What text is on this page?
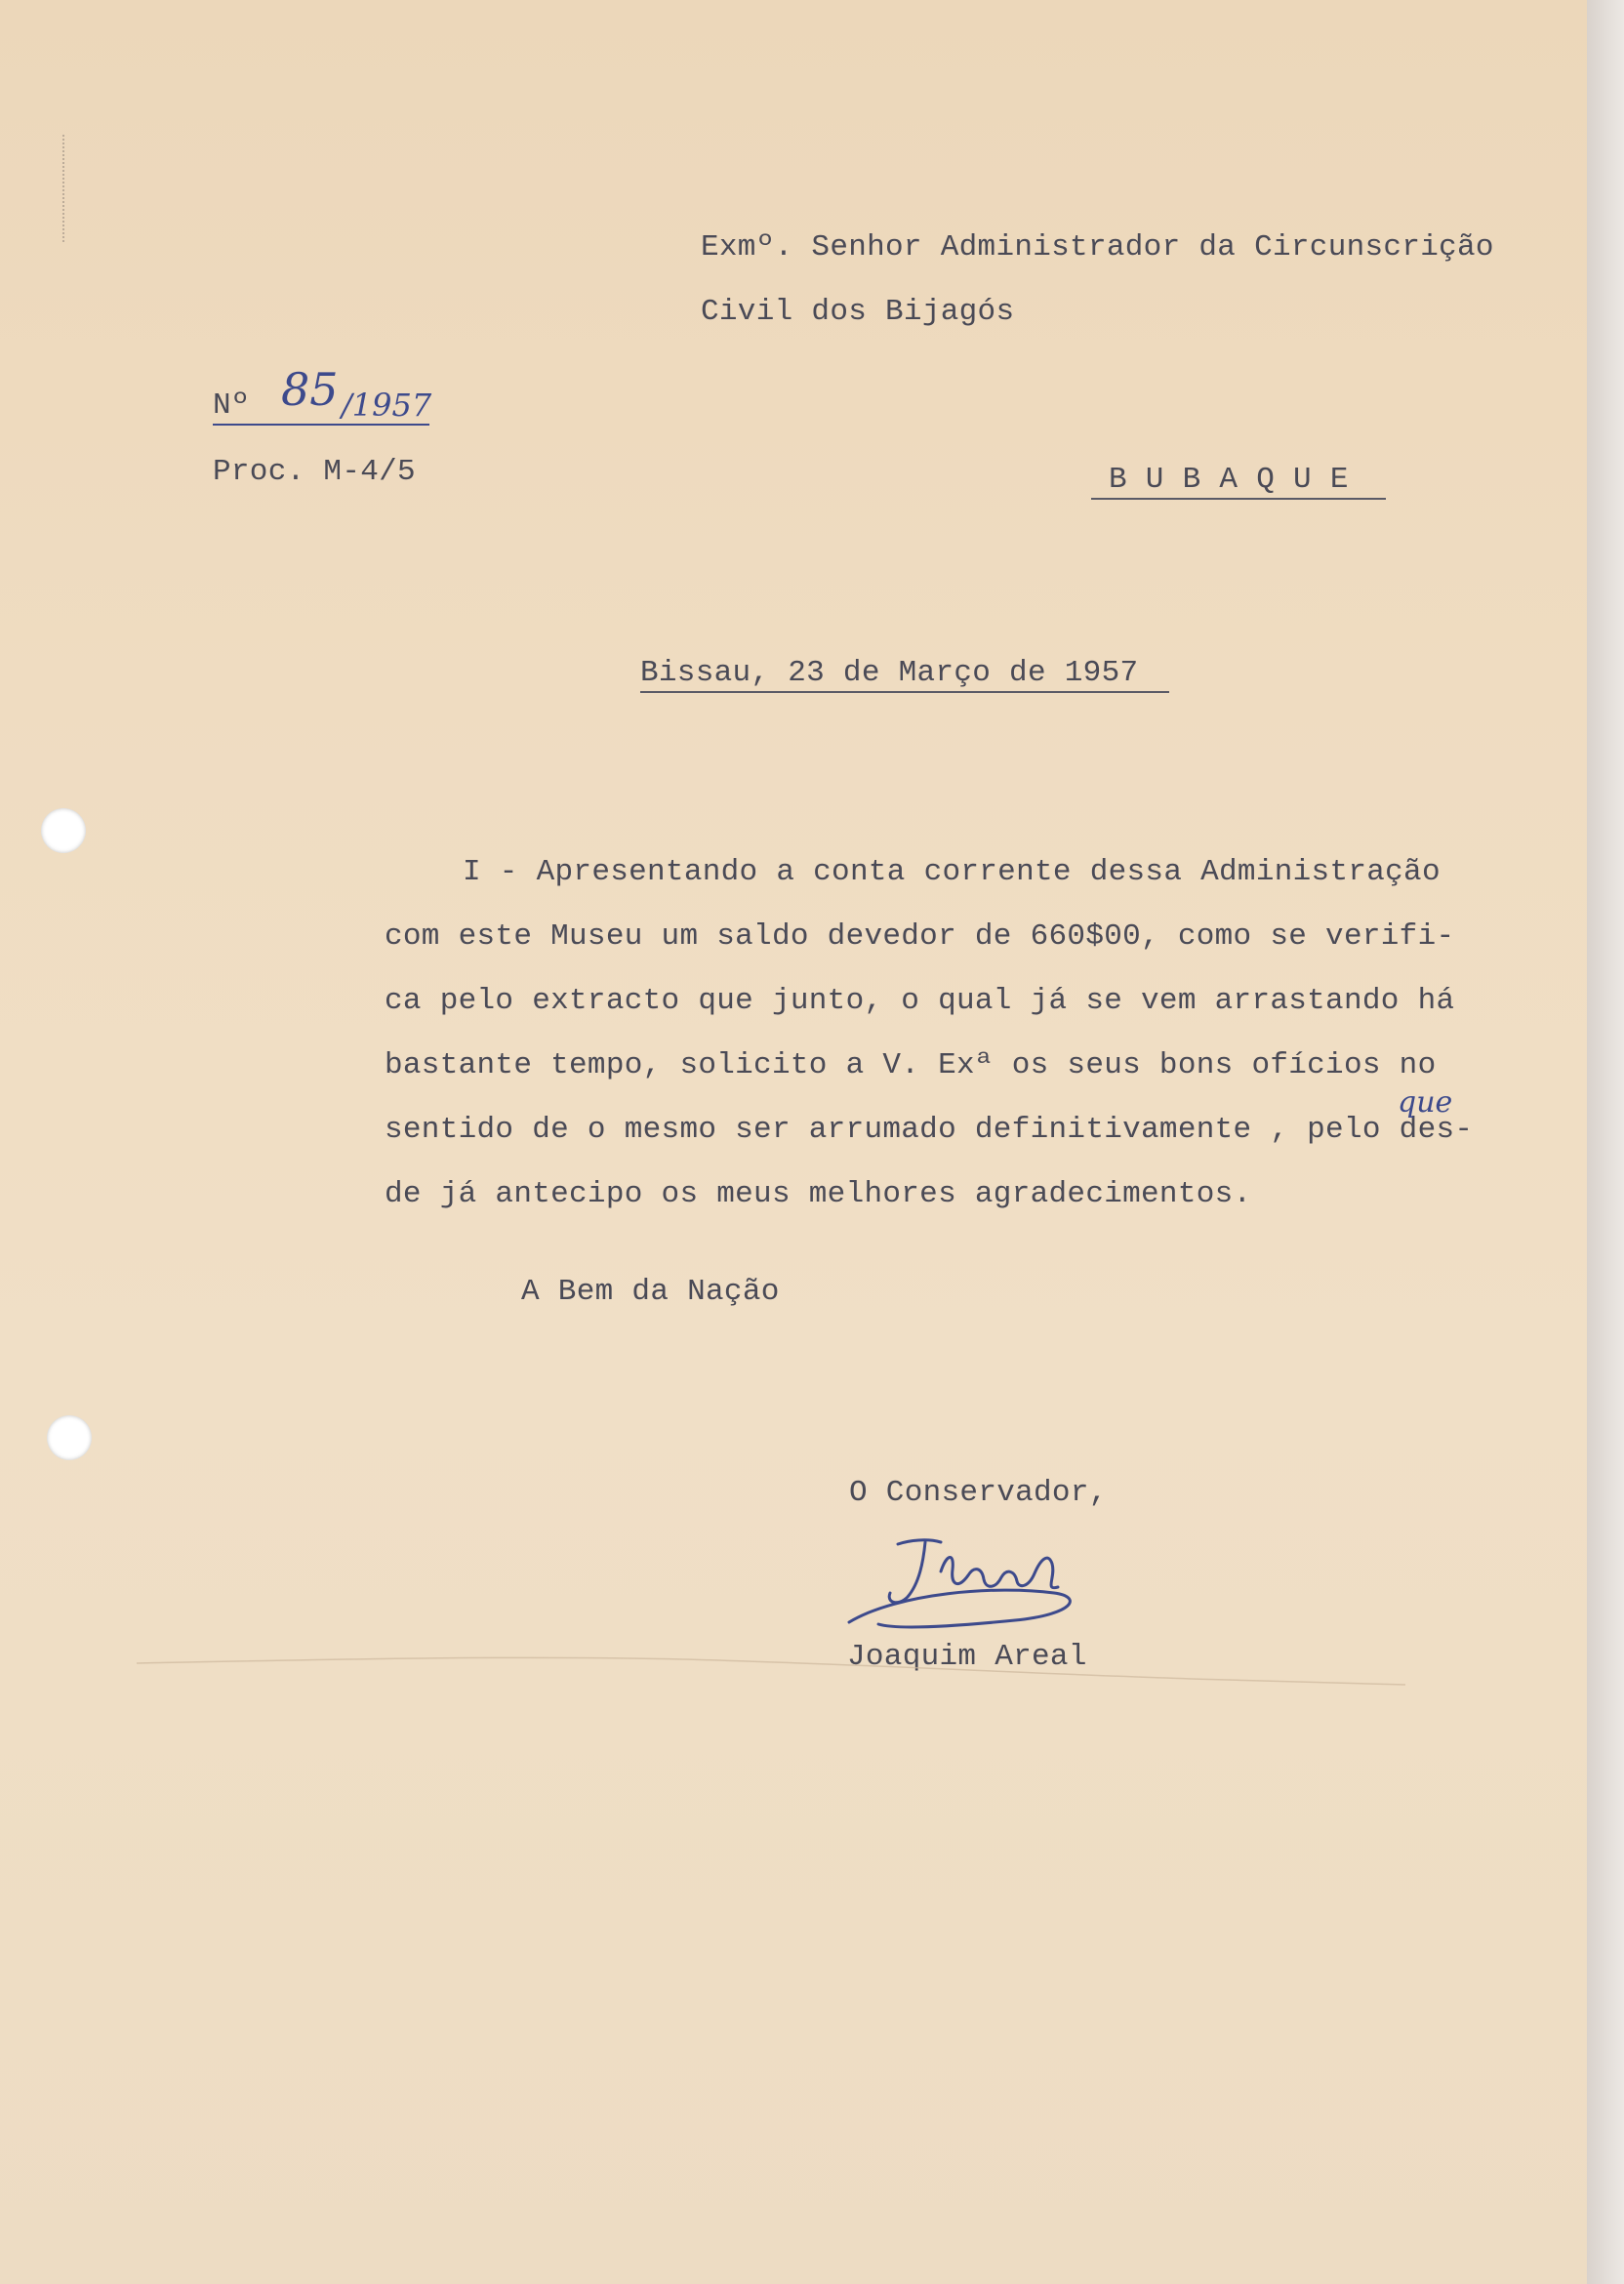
Exmº. Senhor Administrador da Circunscrição
Civil dos Bijagós
Nº 85 /1957
Proc. M-4/5	B U B A Q U E
Bissau, 23 de Março de 1957
I - Apresentando a conta corrente dessa Administração
com este Museu um saldo devedor de 660$00, como se verifi-
ca pelo extracto que junto, o qual já se vem arrastando há
bastante tempo, solicito a V. Exª os seus bons ofícios no
sentido de o mesmo ser arrumado definitivamente , pelo des-
de já antecipo os meus melhores agradecimentos.
que
A Bem da Nação
O Conservador,
Joaquim Areal
